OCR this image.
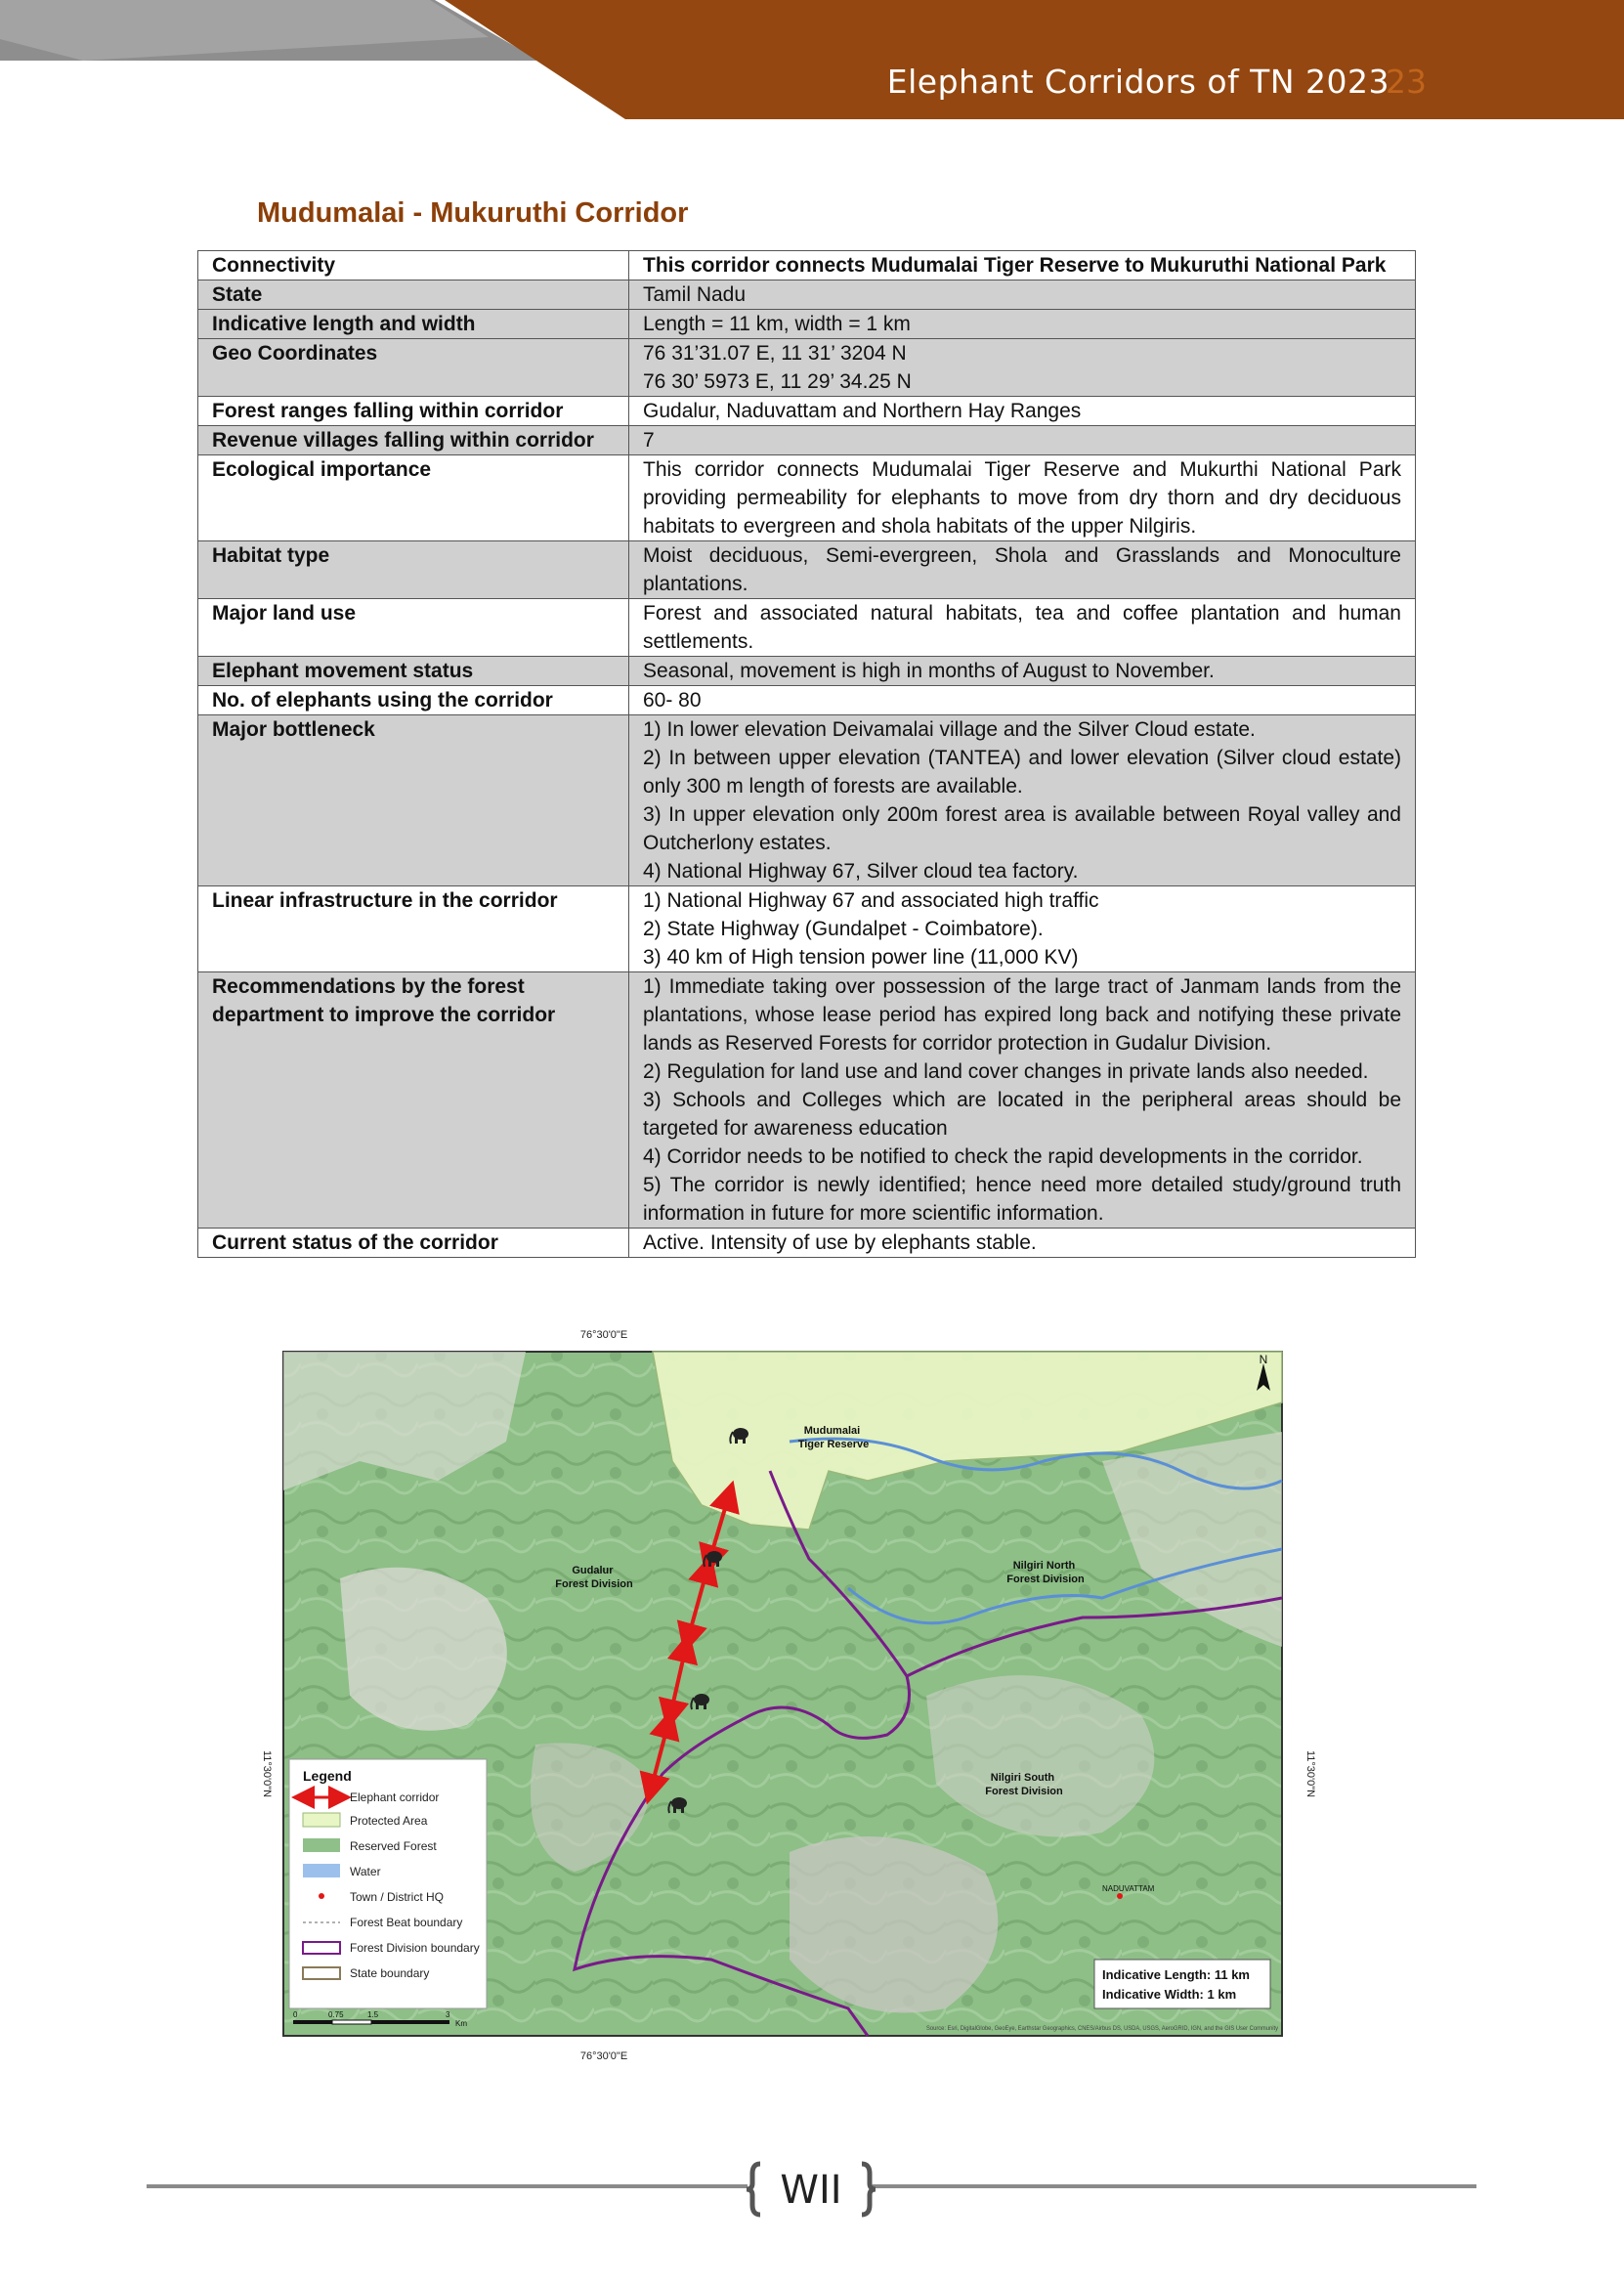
23
Elephant Corridors of TN 2023
Mudumalai - Mukuruthi Corridor
Connectivity	This corridor connects Mudumalai Tiger Reserve to Mukuruthi National Park

State	Tamil Nadu

Indicative length and width	Length = 11 km, width = 1 km

Geo Coordinates	76 31’31.07 E, 11 31’ 3204 N
76 30’ 5973 E, 11 29’ 34.25 N

Forest ranges falling within corridor	Gudalur, Naduvattam and Northern Hay Ranges

Revenue villages falling within corridor	7

Ecological importance	This corridor connects Mudumalai Tiger Reserve and Mukurthi National Park providing permeability for elephants to move from dry thorn and dry deciduous habitats to evergreen and shola habitats of the upper Nilgiris.

Habitat type	Moist deciduous, Semi-evergreen, Shola and Grasslands and Monoculture plantations.

Major land use	Forest and associated natural habitats, tea and coffee plantation and human settlements.

Elephant movement status	Seasonal, movement is high in months of August to November.

No. of elephants using the corridor	60- 80

Major bottleneck	1) In lower elevation Deivamalai village and the Silver Cloud estate.
2) In between upper elevation (TANTEA) and lower elevation (Silver cloud estate) only 300 m length of forests are available.
3) In upper elevation only 200m forest area is available between Royal valley and Outcherlony estates.
4) National Highway 67, Silver cloud tea factory.

Linear infrastructure in the corridor	1) National Highway 67 and associated high traffic
2) State Highway (Gundalpet - Coimbatore).
3) 40 km of High tension power line (11,000 KV)

Recommendations by the forest department to improve the corridor	1) Immediate taking over possession of the large tract of Janmam lands from the plantations, whose lease period has expired long back and notifying these private lands as Reserved Forests for corridor protection in Gudalur Division.
2) Regulation for land use and land cover changes in private lands also needed.
3) Schools and Colleges which are located in the peripheral areas should be targeted for awareness education
4) Corridor needs to be notified to check the rapid developments in the corridor.
5) The corridor is newly identified; hence need more detailed study/ground truth information in future for more scientific information.

Current status of the corridor	Active. Intensity of use by elephants stable.
76°30'0"E
76°30'0"E
11°30'0"N	11°30'0"N
Mudumalai Tiger Reserve
Gudalur Forest Division
Nilgiri North Forest Division
Nilgiri South Forest Division
NADUVATTAM
N
Legend
Elephant corridor
Protected Area
Reserved Forest
Water
Town / District HQ
Forest Beat boundary
Forest Division boundary
State boundary
0	0.75	1.5	3
Km
Indicative Length: 11 km
Indicative Width: 1 km
Source: Esri, DigitalGlobe, GeoEye, Earthstar Geographics, CNES/Airbus DS, USDA, USGS, AeroGRID, IGN, and the GIS User Community
WII
